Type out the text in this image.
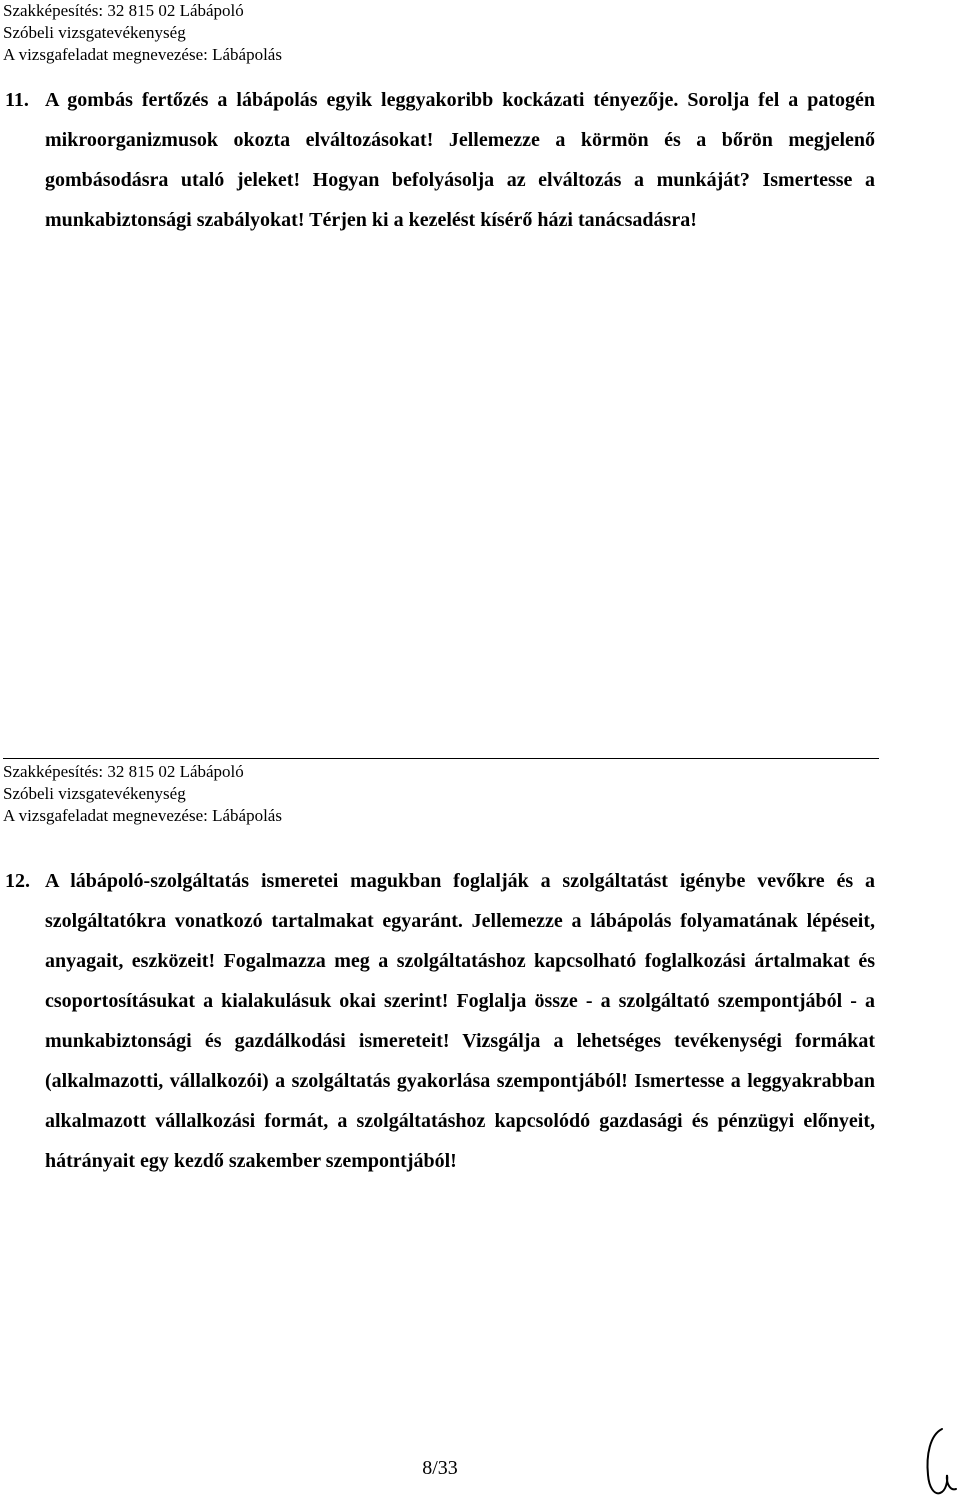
Szakképesítés: 32 815 02 Lábápoló
Szóbeli vizsgatevékenység
A vizsgafeladat megnevezése: Lábápolás
11. A gombás fertőzés a lábápolás egyik leggyakoribb kockázati tényezője. Sorolja fel a patogén mikroorganizmusok okozta elváltozásokat! Jellemezze a körmön és a bőrön megjelenő gombásodásra utaló jeleket! Hogyan befolyásolja az elváltozás a munkáját? Ismertesse a munkabiztonsági szabályokat! Térjen ki a kezelést kísérő házi tanácsadásra!
Szakképesítés: 32 815 02 Lábápoló
Szóbeli vizsgatevékenység
A vizsgafeladat megnevezése: Lábápolás
12. A lábápoló-szolgáltatás ismeretei magukban foglalják a szolgáltatást igénybe vevőkre és a szolgáltatókra vonatkozó tartalmakat egyaránt. Jellemezze a lábápolás folyamatának lépéseit, anyagait, eszközeit! Fogalmazza meg a szolgáltatáshoz kapcsolható foglalkozási ártalmakat és csoportosításukat a kialakulásuk okai szerint! Foglalja össze - a szolgáltató szempontjából - a munkabiztonsági és gazdálkodási ismereteit! Vizsgálja a lehetséges tevékenységi formákat (alkalmazotti, vállalkozói) a szolgáltatás gyakorlása szempontjából! Ismertesse a leggyakrabban alkalmazott vállalkozási formát, a szolgáltatáshoz kapcsolódó gazdasági és pénzügyi előnyeit, hátrányait egy kezdő szakember szempontjából!
8/33
